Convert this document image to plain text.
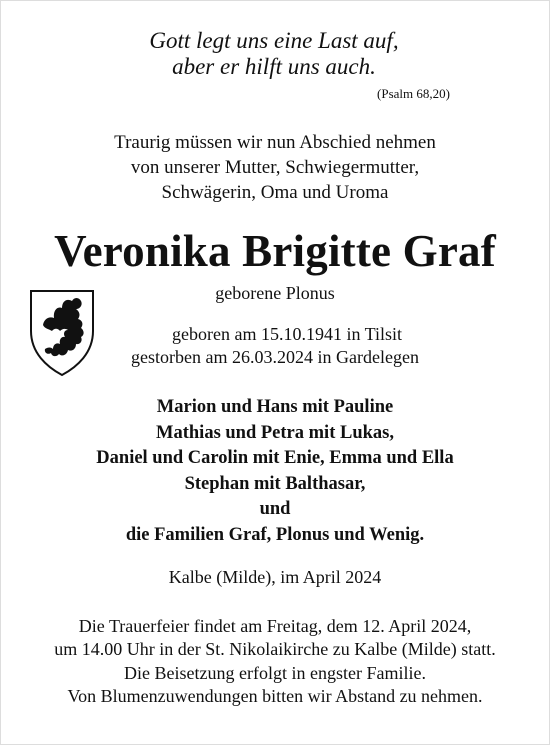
Gott legt uns eine Last auf,
aber er hilft uns auch.
(Psalm 68,20)
Traurig müssen wir nun Abschied nehmen
von unserer Mutter, Schwiegermutter,
Schwägerin, Oma und Uroma
Veronika Brigitte Graf
geborene Plonus
geboren am 15.10.1941 in Tilsit
gestorben am 26.03.2024 in Gardelegen
Marion und Hans mit Pauline
Mathias und Petra mit Lukas,
Daniel und Carolin mit Enie, Emma und Ella
Stephan mit Balthasar,
und
die Familien Graf, Plonus und Wenig.
Kalbe (Milde), im April 2024
Die Trauerfeier findet am Freitag, dem 12. April 2024,
um 14.00 Uhr in der St. Nikolaikirche zu Kalbe (Milde) statt.
Die Beisetzung erfolgt in engster Familie.
Von Blumenzuwendungen bitten wir Abstand zu nehmen.
